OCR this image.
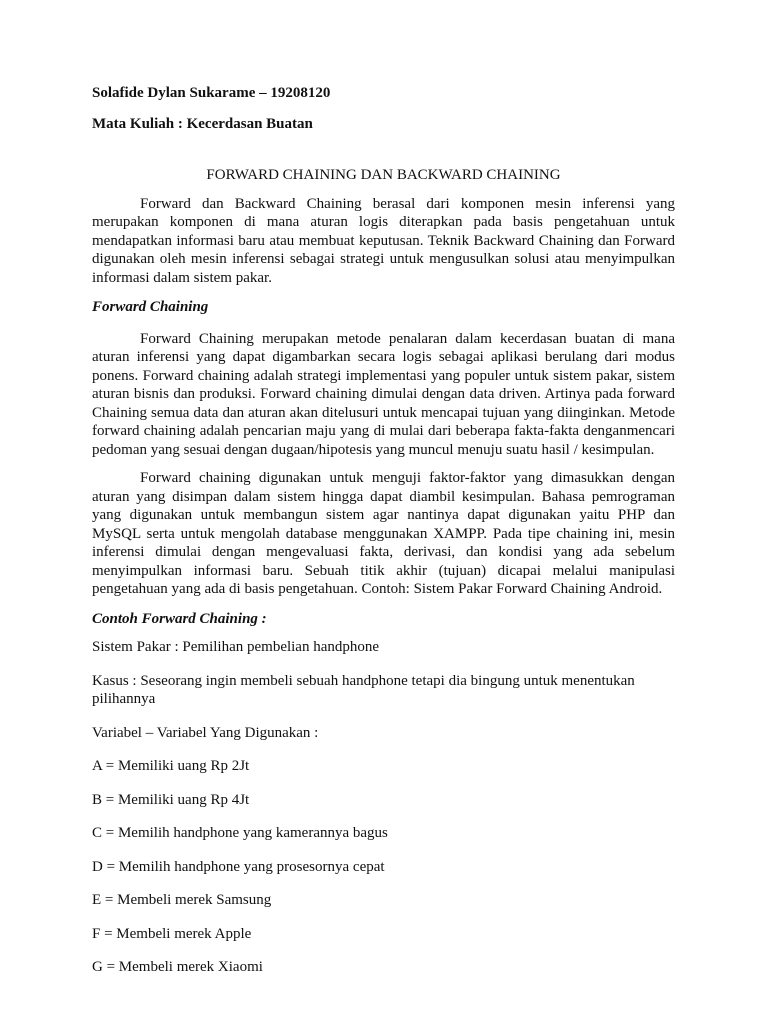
Solafide Dylan Sukarame – 19208120

Mata Kuliah : Kecerdasan Buatan

FORWARD CHAINING DAN BACKWARD CHAINING

Forward dan Backward Chaining berasal dari komponen mesin inferensi yang merupakan komponen di mana aturan logis diterapkan pada basis pengetahuan untuk mendapatkan informasi baru atau membuat keputusan. Teknik Backward Chaining dan Forward digunakan oleh mesin inferensi sebagai strategi untuk mengusulkan solusi atau menyimpulkan informasi dalam sistem pakar.

Forward Chaining

Forward Chaining merupakan metode penalaran dalam kecerdasan buatan di mana aturan inferensi yang dapat digambarkan secara logis sebagai aplikasi berulang dari modus ponens. Forward chaining adalah strategi implementasi yang populer untuk sistem pakar, sistem aturan bisnis dan produksi. Forward chaining dimulai dengan data driven. Artinya pada forward Chaining semua data dan aturan akan ditelusuri untuk mencapai tujuan yang diinginkan. Metode forward chaining adalah pencarian maju yang di mulai dari beberapa fakta-fakta denganmencari pedoman yang sesuai dengan dugaan/hipotesis yang muncul menuju suatu hasil / kesimpulan.

Forward chaining digunakan untuk menguji faktor-faktor yang dimasukkan dengan aturan yang disimpan dalam sistem hingga dapat diambil kesimpulan. Bahasa pemrograman yang digunakan untuk membangun sistem agar nantinya dapat digunakan yaitu PHP dan MySQL serta untuk mengolah database menggunakan XAMPP. Pada tipe chaining ini, mesin inferensi dimulai dengan mengevaluasi fakta, derivasi, dan kondisi yang ada sebelum menyimpulkan informasi baru. Sebuah titik akhir (tujuan) dicapai melalui manipulasi pengetahuan yang ada di basis pengetahuan. Contoh: Sistem Pakar Forward Chaining Android.

Contoh Forward Chaining :

Sistem Pakar : Pemilihan pembelian handphone

Kasus : Seseorang ingin membeli sebuah handphone tetapi dia bingung untuk menentukan pilihannya

Variabel – Variabel Yang Digunakan :

A = Memiliki uang Rp 2Jt

B = Memiliki uang Rp 4Jt

C = Memilih handphone yang kamerannya bagus

D = Memilih handphone yang prosesornya cepat

E = Membeli merek Samsung

F = Membeli merek Apple

G = Membeli merek Xiaomi
